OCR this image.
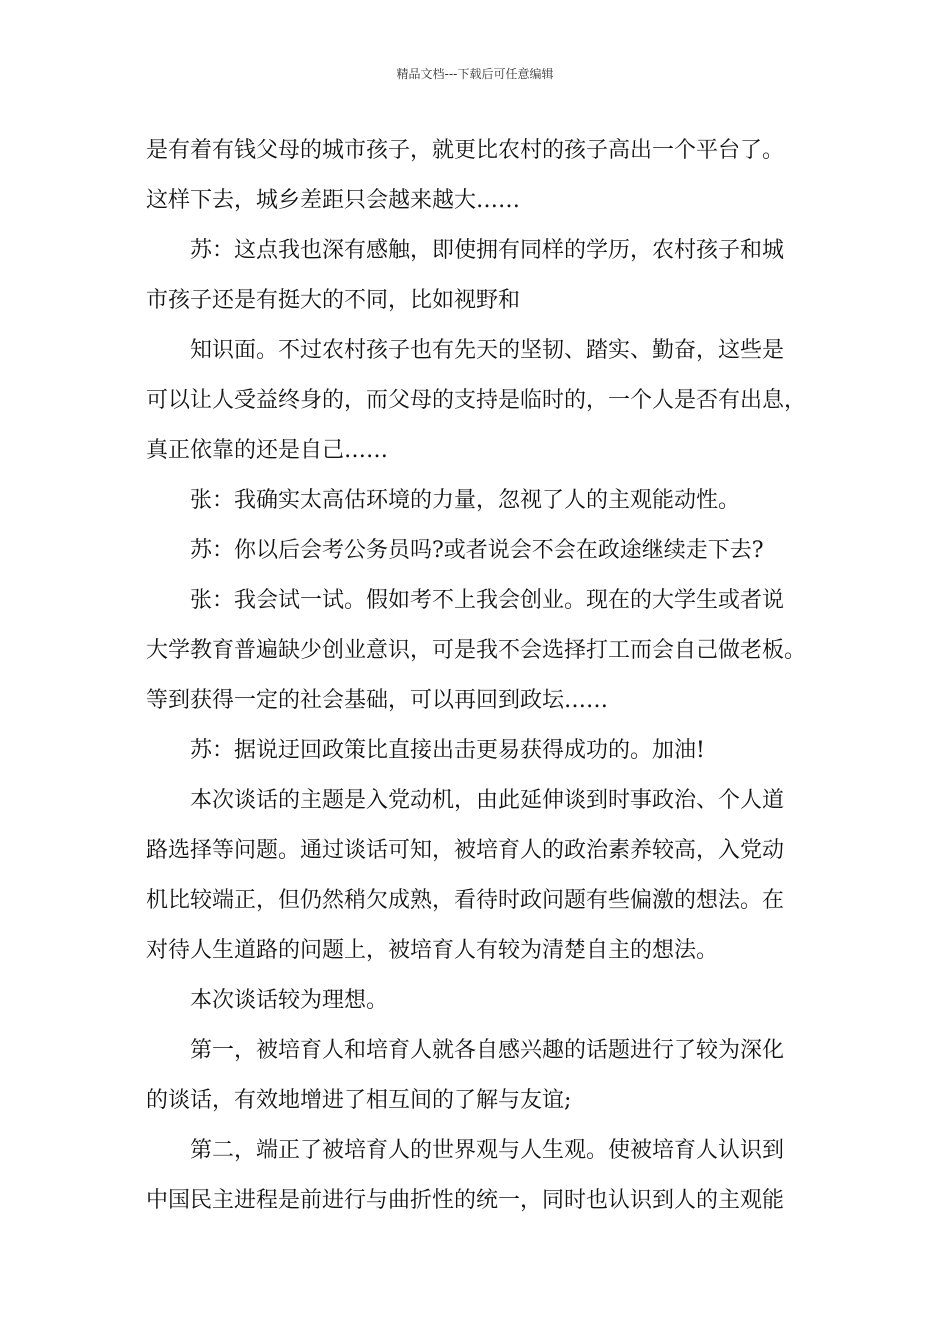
精品文档---下载后可任意编辑
是有着有钱父母的城市孩子，就更比农村的孩子高出一个平台了。
这样下去，城乡差距只会越来越大……
苏：这点我也深有感触，即使拥有同样的学历，农村孩子和城
市孩子还是有挺大的不同，比如视野和
知识面。不过农村孩子也有先天的坚韧、踏实、勤奋，这些是
可以让人受益终身的，而父母的支持是临时的，一个人是否有出息，
真正依靠的还是自己……
张：我确实太高估环境的力量，忽视了人的主观能动性。
苏：你以后会考公务员吗?或者说会不会在政途继续走下去?
张：我会试一试。假如考不上我会创业。现在的大学生或者说
大学教育普遍缺少创业意识，可是我不会选择打工而会自己做老板。
等到获得一定的社会基础，可以再回到政坛……
苏：据说迂回政策比直接出击更易获得成功的。加油!
本次谈话的主题是入党动机，由此延伸谈到时事政治、个人道
路选择等问题。通过谈话可知，被培育人的政治素养较高，入党动
机比较端正，但仍然稍欠成熟，看待时政问题有些偏激的想法。在
对待人生道路的问题上，被培育人有较为清楚自主的想法。
本次谈话较为理想。
第一，被培育人和培育人就各自感兴趣的话题进行了较为深化
的谈话，有效地增进了相互间的了解与友谊;
第二，端正了被培育人的世界观与人生观。使被培育人认识到
中国民主进程是前进行与曲折性的统一，同时也认识到人的主观能
